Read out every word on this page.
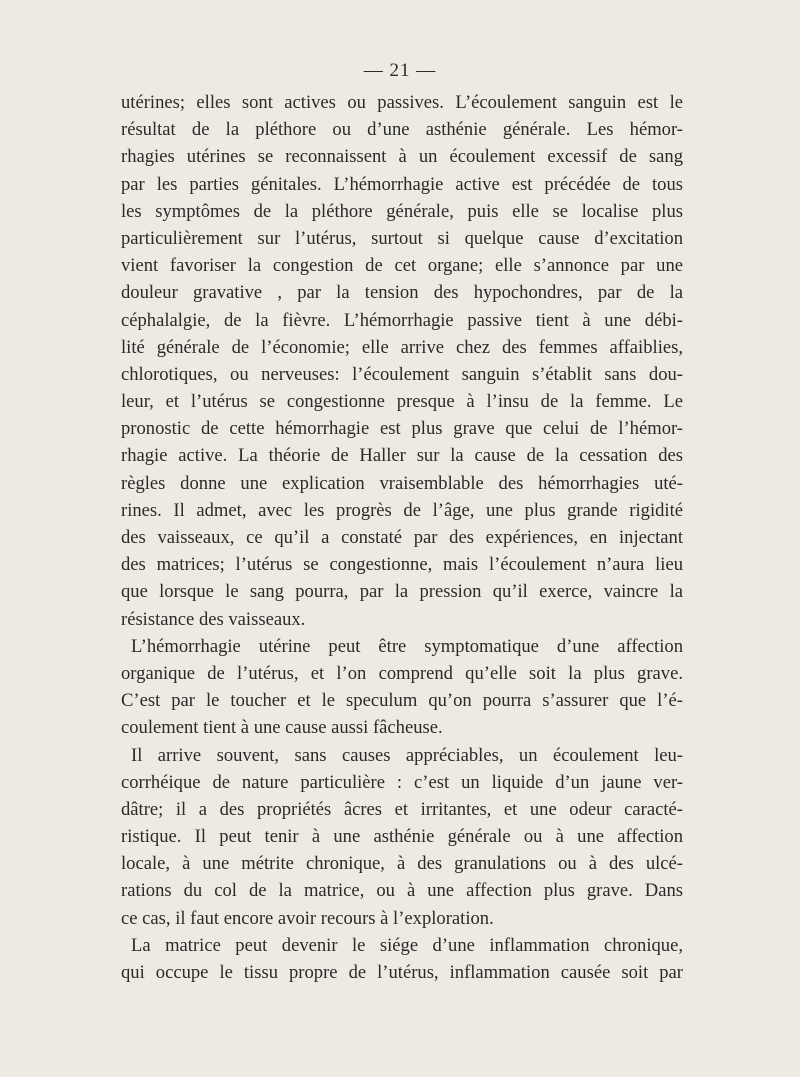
— 21 —
utérines; elles sont actives ou passives. L’écoulement sanguin est le
résultat de la pléthore ou d’une asthénie générale. Les hémor-
rhagies utérines se reconnaissent à un écoulement excessif de sang
par les parties génitales. L’hémorrhagie active est précédée de tous
les symptômes de la pléthore générale, puis elle se localise plus
particulièrement sur l’utérus, surtout si quelque cause d’excitation
vient favoriser la congestion de cet organe; elle s’annonce par une
douleur gravative , par la tension des hypochondres, par de la
céphalalgie, de la fièvre. L’hémorrhagie passive tient à une débi-
lité générale de l’économie; elle arrive chez des femmes affaiblies,
chlorotiques, ou nerveuses: l’écoulement sanguin s’établit sans dou-
leur, et l’utérus se congestionne presque à l’insu de la femme. Le
pronostic de cette hémorrhagie est plus grave que celui de l’hémor-
rhagie active. La théorie de Haller sur la cause de la cessation des
règles donne une explication vraisemblable des hémorrhagies uté-
rines. Il admet, avec les progrès de l’âge, une plus grande rigidité
des vaisseaux, ce qu’il a constaté par des expériences, en injectant
des matrices; l’utérus se congestionne, mais l’écoulement n’aura lieu
que lorsque le sang pourra, par la pression qu’il exerce, vaincre la
résistance des vaisseaux.
L’hémorrhagie utérine peut être symptomatique d’une affection
organique de l’utérus, et l’on comprend qu’elle soit la plus grave.
C’est par le toucher et le speculum qu’on pourra s’assurer que l’é-
coulement tient à une cause aussi fâcheuse.
Il arrive souvent, sans causes appréciables, un écoulement leu-
corrhéique de nature particulière : c’est un liquide d’un jaune ver-
dâtre; il a des propriétés âcres et irritantes, et une odeur caracté-
ristique. Il peut tenir à une asthénie générale ou à une affection
locale, à une métrite chronique, à des granulations ou à des ulcé-
rations du col de la matrice, ou à une affection plus grave. Dans
ce cas, il faut encore avoir recours à l’exploration.
La matrice peut devenir le siége d’une inflammation chronique,
qui occupe le tissu propre de l’utérus, inflammation causée soit par
